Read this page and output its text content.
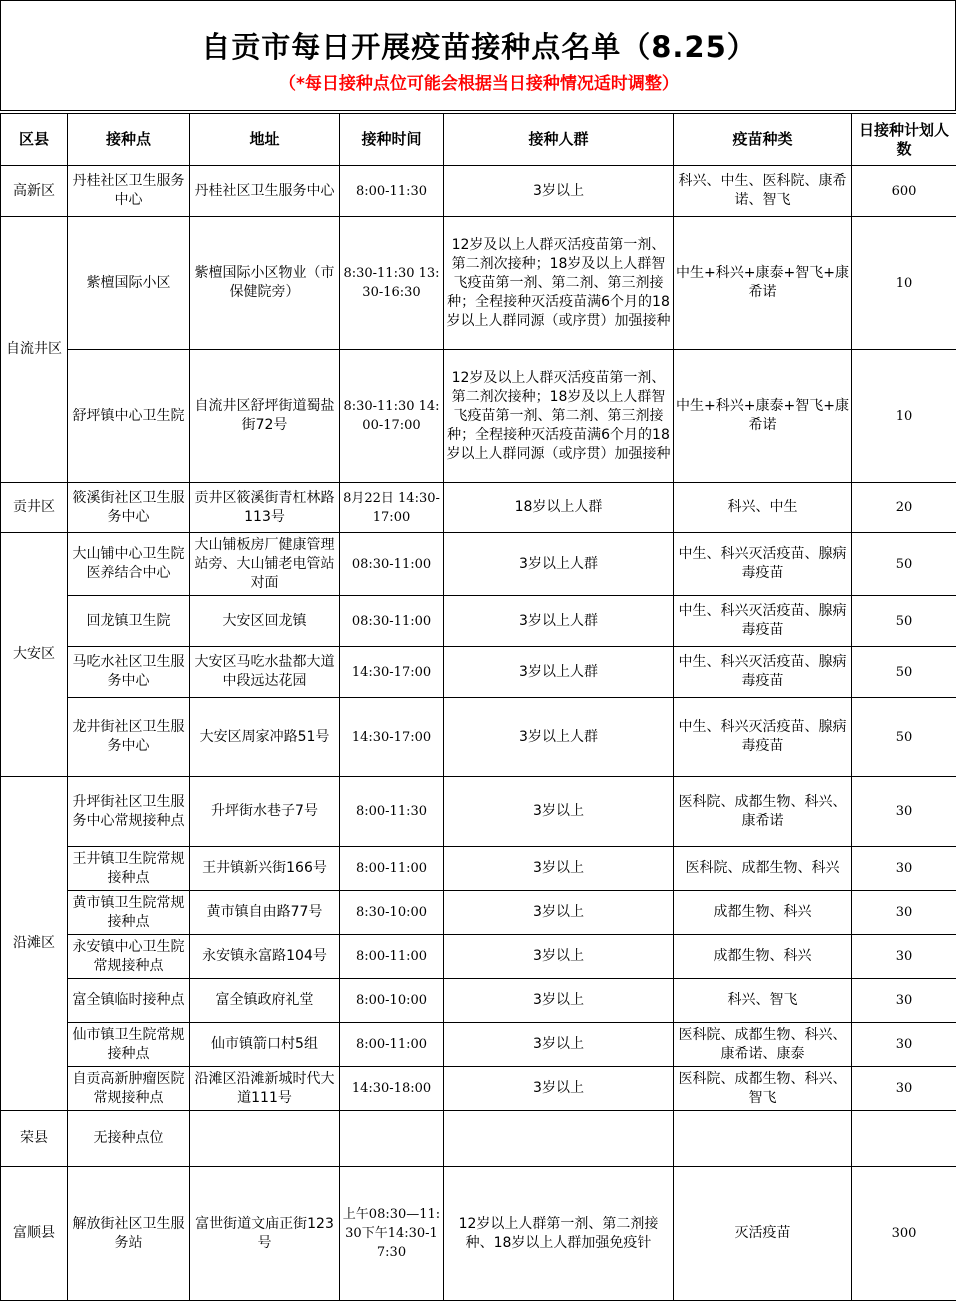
自贡市每日开展疫苗接种点名单（8.25）
（*每日接种点位可能会根据当日接种情况适时调整）
区县	接种点	地址	接种时间	接种人群	疫苗种类	日接种计划人数
高新区	丹桂社区卫生服务中心	丹桂社区卫生服务中心	8:00-11:30	3岁以上	科兴、中生、医科院、康希诺、智飞	600
自流井区	紫檀国际小区	紫檀国际小区物业（市保健院旁）	8:30-11:30 13:30-16:30	12岁及以上人群灭活疫苗第一剂、第二剂次接种；18岁及以上人群智飞疫苗第一剂、第二剂、第三剂接种；全程接种灭活疫苗满6个月的18岁以上人群同源（或序贯）加强接种	中生+科兴+康泰+智飞+康希诺	10
	舒坪镇中心卫生院	自流井区舒坪街道蜀盐街72号	8:30-11:30 14:00-17:00	12岁及以上人群灭活疫苗第一剂、第二剂次接种；18岁及以上人群智飞疫苗第一剂、第二剂、第三剂接种；全程接种灭活疫苗满6个月的18岁以上人群同源（或序贯）加强接种	中生+科兴+康泰+智飞+康希诺	10
贡井区	筱溪街社区卫生服务中心	贡井区筱溪街青杠林路113号	8月22日 14:30-17:00	18岁以上人群	科兴、中生	20
大安区	大山铺中心卫生院医养结合中心	大山铺板房厂健康管理站旁、大山铺老电管站对面	08:30-11:00	3岁以上人群	中生、科兴灭活疫苗、腺病毒疫苗	50
	回龙镇卫生院	大安区回龙镇	08:30-11:00	3岁以上人群	中生、科兴灭活疫苗、腺病毒疫苗	50
	马吃水社区卫生服务中心	大安区马吃水盐都大道中段远达花园	14:30-17:00	3岁以上人群	中生、科兴灭活疫苗、腺病毒疫苗	50
	龙井街社区卫生服务中心	大安区周家冲路51号	14:30-17:00	3岁以上人群	中生、科兴灭活疫苗、腺病毒疫苗	50
沿滩区	升坪街社区卫生服务中心常规接种点	升坪街水巷子7号	8:00-11:30	3岁以上	医科院、成都生物、科兴、康希诺	30
	王井镇卫生院常规接种点	王井镇新兴街166号	8:00-11:00	3岁以上	医科院、成都生物、科兴	30
	黄市镇卫生院常规接种点	黄市镇自由路77号	8:30-10:00	3岁以上	成都生物、科兴	30
	永安镇中心卫生院常规接种点	永安镇永富路104号	8:00-11:00	3岁以上	成都生物、科兴	30
	富全镇临时接种点	富全镇政府礼堂	8:00-10:00	3岁以上	科兴、智飞	30
	仙市镇卫生院常规接种点	仙市镇箭口村5组	8:00-11:00	3岁以上	医科院、成都生物、科兴、康希诺、康泰	30
	自贡高新肿瘤医院常规接种点	沿滩区沿滩新城时代大道111号	14:30-18:00	3岁以上	医科院、成都生物、科兴、智飞	30
荣县	无接种点位					
富顺县	解放街社区卫生服务站	富世街道文庙正街123号	上午08:30—11:30下午14:30-17:30	12岁以上人群第一剂、第二剂接种、18岁以上人群加强免疫针	灭活疫苗	300
